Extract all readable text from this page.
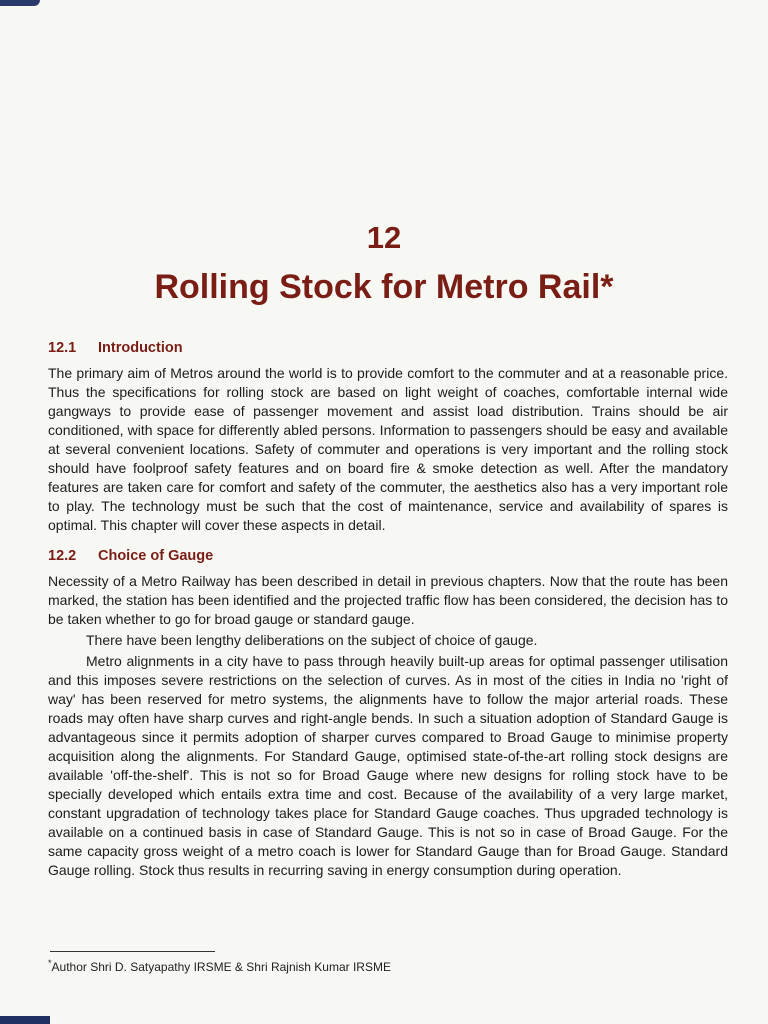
12
Rolling Stock for Metro Rail*
12.1 Introduction

The primary aim of Metros around the world is to provide comfort to the commuter and at a reasonable price. Thus the specifications for rolling stock are based on light weight of coaches, comfortable internal wide gangways to provide ease of passenger movement and assist load distribution. Trains should be air conditioned, with space for differently abled persons. Information to passengers should be easy and available at several convenient locations. Safety of commuter and operations is very important and the rolling stock should have foolproof safety features and on board fire & smoke detection as well. After the mandatory features are taken care for comfort and safety of the commuter, the aesthetics also has a very important role to play. The technology must be such that the cost of maintenance, service and availability of spares is optimal. This chapter will cover these aspects in detail.

12.2 Choice of Gauge

Necessity of a Metro Railway has been described in detail in previous chapters. Now that the route has been marked, the station has been identified and the projected traffic flow has been considered, the decision has to be taken whether to go for broad gauge or standard gauge.

There have been lengthy deliberations on the subject of choice of gauge.

Metro alignments in a city have to pass through heavily built-up areas for optimal passenger utilisation and this imposes severe restrictions on the selection of curves. As in most of the cities in India no 'right of way' has been reserved for metro systems, the alignments have to follow the major arterial roads. These roads may often have sharp curves and right-angle bends. In such a situation adoption of Standard Gauge is advantageous since it permits adoption of sharper curves compared to Broad Gauge to minimise property acquisition along the alignments. For Standard Gauge, optimised state-of-the-art rolling stock designs are available 'off-the-shelf'. This is not so for Broad Gauge where new designs for rolling stock have to be specially developed which entails extra time and cost. Because of the availability of a very large market, constant upgradation of technology takes place for Standard Gauge coaches. Thus upgraded technology is available on a continued basis in case of Standard Gauge. This is not so in case of Broad Gauge. For the same capacity gross weight of a metro coach is lower for Standard Gauge than for Broad Gauge. Standard Gauge rolling. Stock thus results in recurring saving in energy consumption during operation.

*Author Shri D. Satyapathy IRSME & Shri Rajnish Kumar IRSME
